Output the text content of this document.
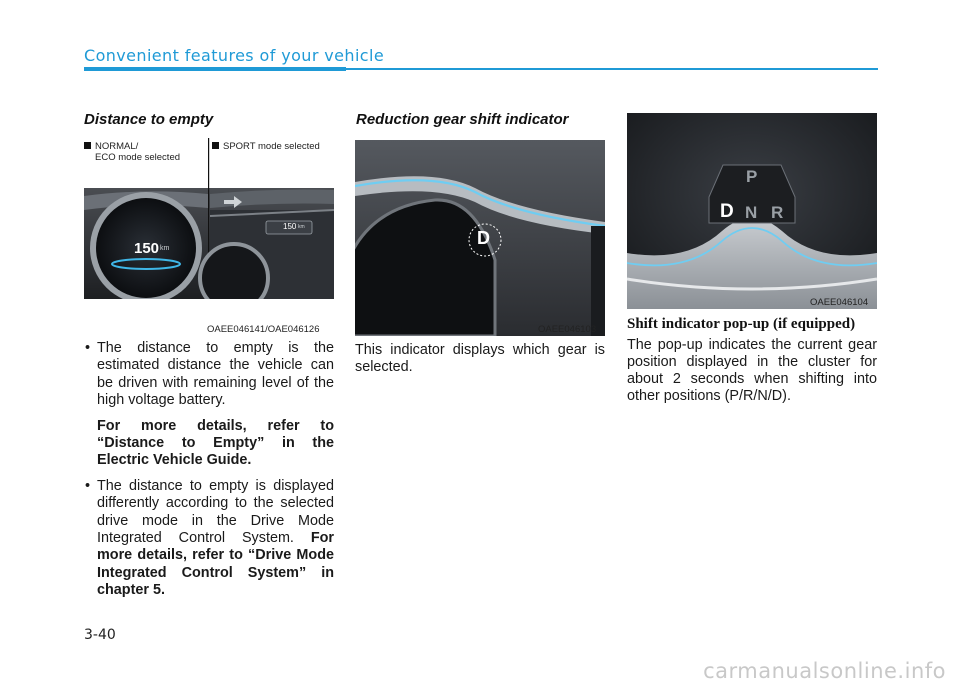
Convenient features of your vehicle
Distance to empty
150 km
150 km
NORMAL/
ECO mode selected
SPORT mode selected
OAEE046141/OAE046126
• The distance to empty is the estimated distance the vehicle can be driven with remaining level of the high voltage battery.
For more details, refer to “Distance to Empty” in the Electric Vehicle Guide.
• The distance to empty is displayed differently according to the selected drive mode in the Drive Mode Integrated Control System. For more details, refer to “Drive Mode Integrated Control System” in chapter 5.
Reduction gear shift indicator
D
OAEE046103
This indicator displays which gear is selected.
P
D N R
OAEE046104
Shift indicator pop-up (if equipped)
The pop-up indicates the current gear position displayed in the cluster for about 2 seconds when shifting into other positions (P/R/N/D).
3-40
carmanualsonline.info
